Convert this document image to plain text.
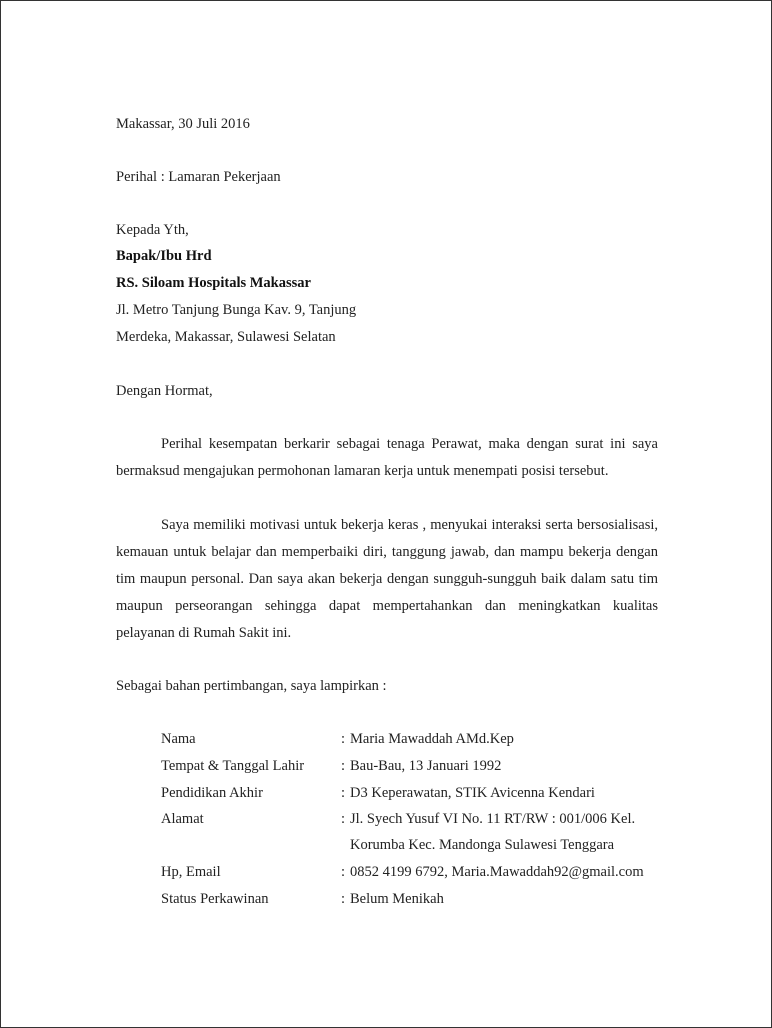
Makassar, 30 Juli 2016
Perihal : Lamaran Pekerjaan
Kepada Yth,
Bapak/Ibu Hrd
RS. Siloam Hospitals Makassar
Jl. Metro Tanjung Bunga Kav. 9, Tanjung
Merdeka, Makassar, Sulawesi Selatan
Dengan Hormat,
Perihal kesempatan berkarir sebagai tenaga Perawat, maka dengan surat ini saya bermaksud mengajukan permohonan lamaran kerja untuk menempati posisi tersebut.
Saya memiliki motivasi untuk bekerja keras , menyukai interaksi serta bersosialisasi, kemauan untuk belajar dan memperbaiki diri, tanggung jawab, dan mampu bekerja dengan tim maupun personal. Dan saya akan bekerja dengan sungguh-sungguh baik dalam satu tim maupun perseorangan sehingga dapat mempertahankan dan meningkatkan kualitas pelayanan di Rumah Sakit ini.
Sebagai bahan pertimbangan, saya lampirkan :
Nama	: Maria Mawaddah AMd.Kep
Tempat & Tanggal Lahir	: Bau-Bau, 13 Januari 1992
Pendidikan Akhir	: D3 Keperawatan, STIK Avicenna Kendari
Alamat	: Jl. Syech Yusuf VI No. 11 RT/RW : 001/006 Kel.
Korumba Kec. Mandonga Sulawesi Tenggara
Hp, Email	: 0852 4199 6792, Maria.Mawaddah92@gmail.com
Status Perkawinan	: Belum Menikah
